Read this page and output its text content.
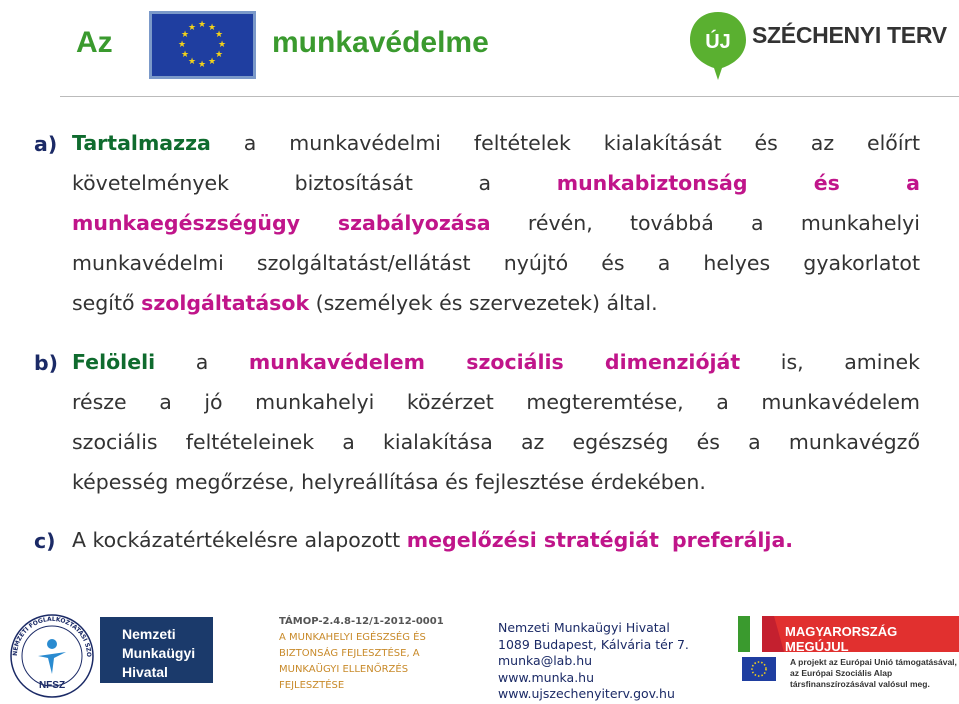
Az
★ ★
★
★
★
★
★
★
★
★
★
★	munkavédelme	ÚJ SZÉCHENYI TERV
a) Tartalmazza a munkavédelmi feltételek kialakítását és az előírt
követelmények biztosítását a	munkabiztonság és a
munkaegészségügy szabályozása révén, továbbá a munkahelyi
munkavédelmi szolgáltatást/ellátást nyújtó és a helyes gyakorlatot
segítő szolgáltatások (személyek és szervezetek) által.
b) Felöleli a munkavédelem szociális dimenzióját is, aminek
része a jó munkahelyi közérzet megteremtése, a munkavédelem
szociális feltételeinek a kialakítása az egészség és a munkavégző
képesség megőrzése, helyreállítása és fejlesztése érdekében.
c) A kockázatértékelésre alapozott megelőzési stratégiát preferálja.
NEMZETI FOGLALKOZTATÁSI SZO
NFSZ
Nemzeti
Munkaügyi
Hivatal
TÁMOP-2.4.8-12/1-2012-0001
A MUNKAHELYI EGÉSZSÉG ÉS
BIZTONSÁG FEJLESZTÉSE, A
MUNKAÜGYI ELLENŐRZÉS
FEJLESZTÉSE
Nemzeti Munkaügyi Hivatal
1089 Budapest, Kálvária tér 7.
munka@lab.hu
www.munka.hu
www.ujszechenyiterv.gov.hu
MAGYARORSZÁG MEGÚJUL
A projekt az Európai Unió támogatásával,
az Európai Szociális Alap
társfinanszírozásával valósul meg.
